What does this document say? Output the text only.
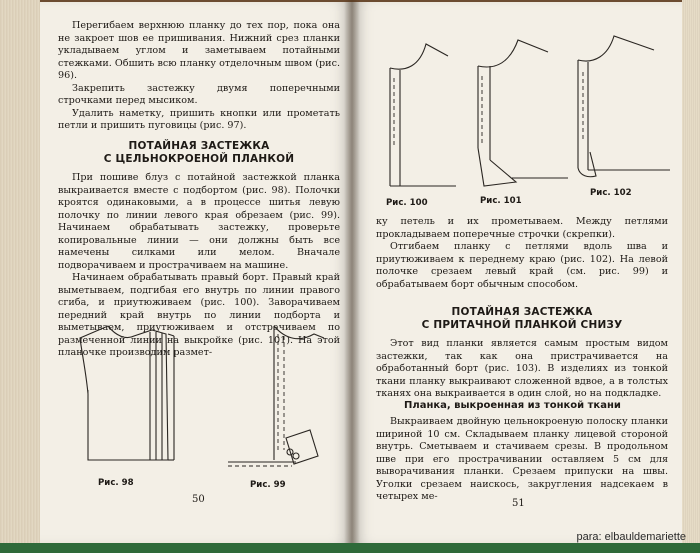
Перегибаем верхнюю планку до тех пор, пока она не закроет шов ее пришивания. Нижний срез планки укладываем углом и заметываем потайными стежками. Обшить всю планку отделочным швом (рис. 96).

Закрепить застежку двумя поперечными строчками перед мысиком.

Удалить наметку, пришить кнопки или прометать петли и пришить пуговицы (рис. 97).

ПОТАЙНАЯ ЗАСТЕЖКА
С ЦЕЛЬНОКРОЕНОЙ ПЛАНКОЙ

При пошиве блуз с потайной застежкой планка выкраивается вместе с подбортом (рис. 98). Полочки кроятся одинаковыми, а в процессе шитья левую полочку по линии левого края обрезаем (рис. 99). Начинаем обрабатывать застежку, проверьте копировальные линии — они должны быть все намечены силками или мелом. Вначале подворачиваем и прострачиваем на машине.

Начинаем обрабатывать правый борт. Правый край выметываем, подгибая его внутрь по линии правого сгиба, и приутюживаем (рис. 100). Заворачиваем передний край внутрь по линии подборта и выметываем, приутюживаем и отстрачиваем по размеченной линии на выкройке (рис. 101). На этой планочке производим размет-

Рис. 98	Рис. 99
50
Рис. 100	Рис. 101
Рис. 102

ку петель и их прометываем. Между петлями прокладываем поперечные строчки (скрепки).

Отгибаем планку с петлями вдоль шва и приутюживаем к переднему краю (рис. 102). На левой полочке срезаем левый край (см. рис. 99) и обрабатываем борт обычным способом.

ПОТАЙНАЯ ЗАСТЕЖКА
С ПРИТАЧНОЙ ПЛАНКОЙ СНИЗУ

Этот вид планки является самым простым видом застежки, так как она пристрачивается на обработанный борт (рис. 103). В изделиях из тонкой ткани планку выкраивают сложенной вдвое, а в толстых тканях она выкраивается в один слой, но на подкладке.

Планка, выкроенная из тонкой ткани

Выкраиваем двойную цельнокроеную полоску планки шириной 10 см. Складываем планку лицевой стороной внутрь. Сметываем и стачиваем срезы. В продольном шве при его прострачивании оставляем 5 см для выворачивания планки. Срезаем припуски на швы. Уголки срезаем наискось, закругления надсекаем в четырех ме-

51
para: elbauldemariette
